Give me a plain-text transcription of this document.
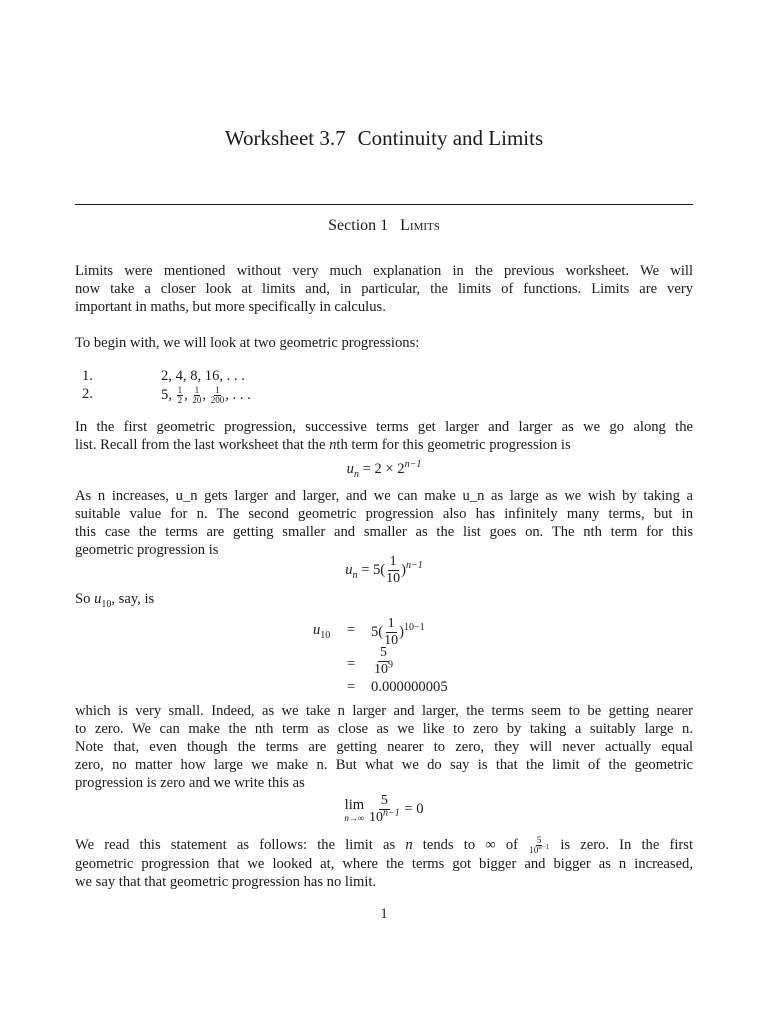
Worksheet 3.7 Continuity and Limits
Section 1 Limits
Limits were mentioned without very much explanation in the previous worksheet. We will
now take a closer look at limits and, in particular, the limits of functions. Limits are very
important in maths, but more specifically in calculus.
To begin with, we will look at two geometric progressions:
1.	2, 4, 8, 16, . . .
2.	5, $\frac{1}{2}$ , $\frac{1}{20}$ , $\frac{1}{200}$ , . . .
In the first geometric progression, successive terms get larger and larger as we go along the
list. Recall from the last worksheet that the nth term for this geometric progression is
$u_n = 2 \times 2^{n-1}$
As n increases, u_n gets larger and larger, and we can make u_n as large as we wish by taking a
suitable value for n. The second geometric progression also has infinitely many terms, but in
this case the terms are getting smaller and smaller as the list goes on. The nth term for this
geometric progression is
$u_n = 5( \frac{1}{10} )^{n-1}$
So $u_{10}$, say, is
$u_{10} = 5( \frac{1}{10} )^{10-1}$
= $\frac{5}{10^9}$
= 0.000000005
which is very small. Indeed, as we take n larger and larger, the terms seem to be getting nearer
to zero. We can make the nth term as close as we like to zero by taking a suitably large n.
Note that, even though the terms are getting nearer to zero, they will never actually equal
zero, no matter how large we make n. But what we do say is that the limit of the geometric
progression is zero and we write this as
lim
n→∞
$\frac{5}{10^{n-1}} = 0$
We read this statement as follows: the limit as n tends to ∞ of $\frac{5}{10^{n-1}}$ is zero. In the first
geometric progression that we looked at, where the terms got bigger and bigger as n increased,
we say that that geometric progression has no limit.
1
